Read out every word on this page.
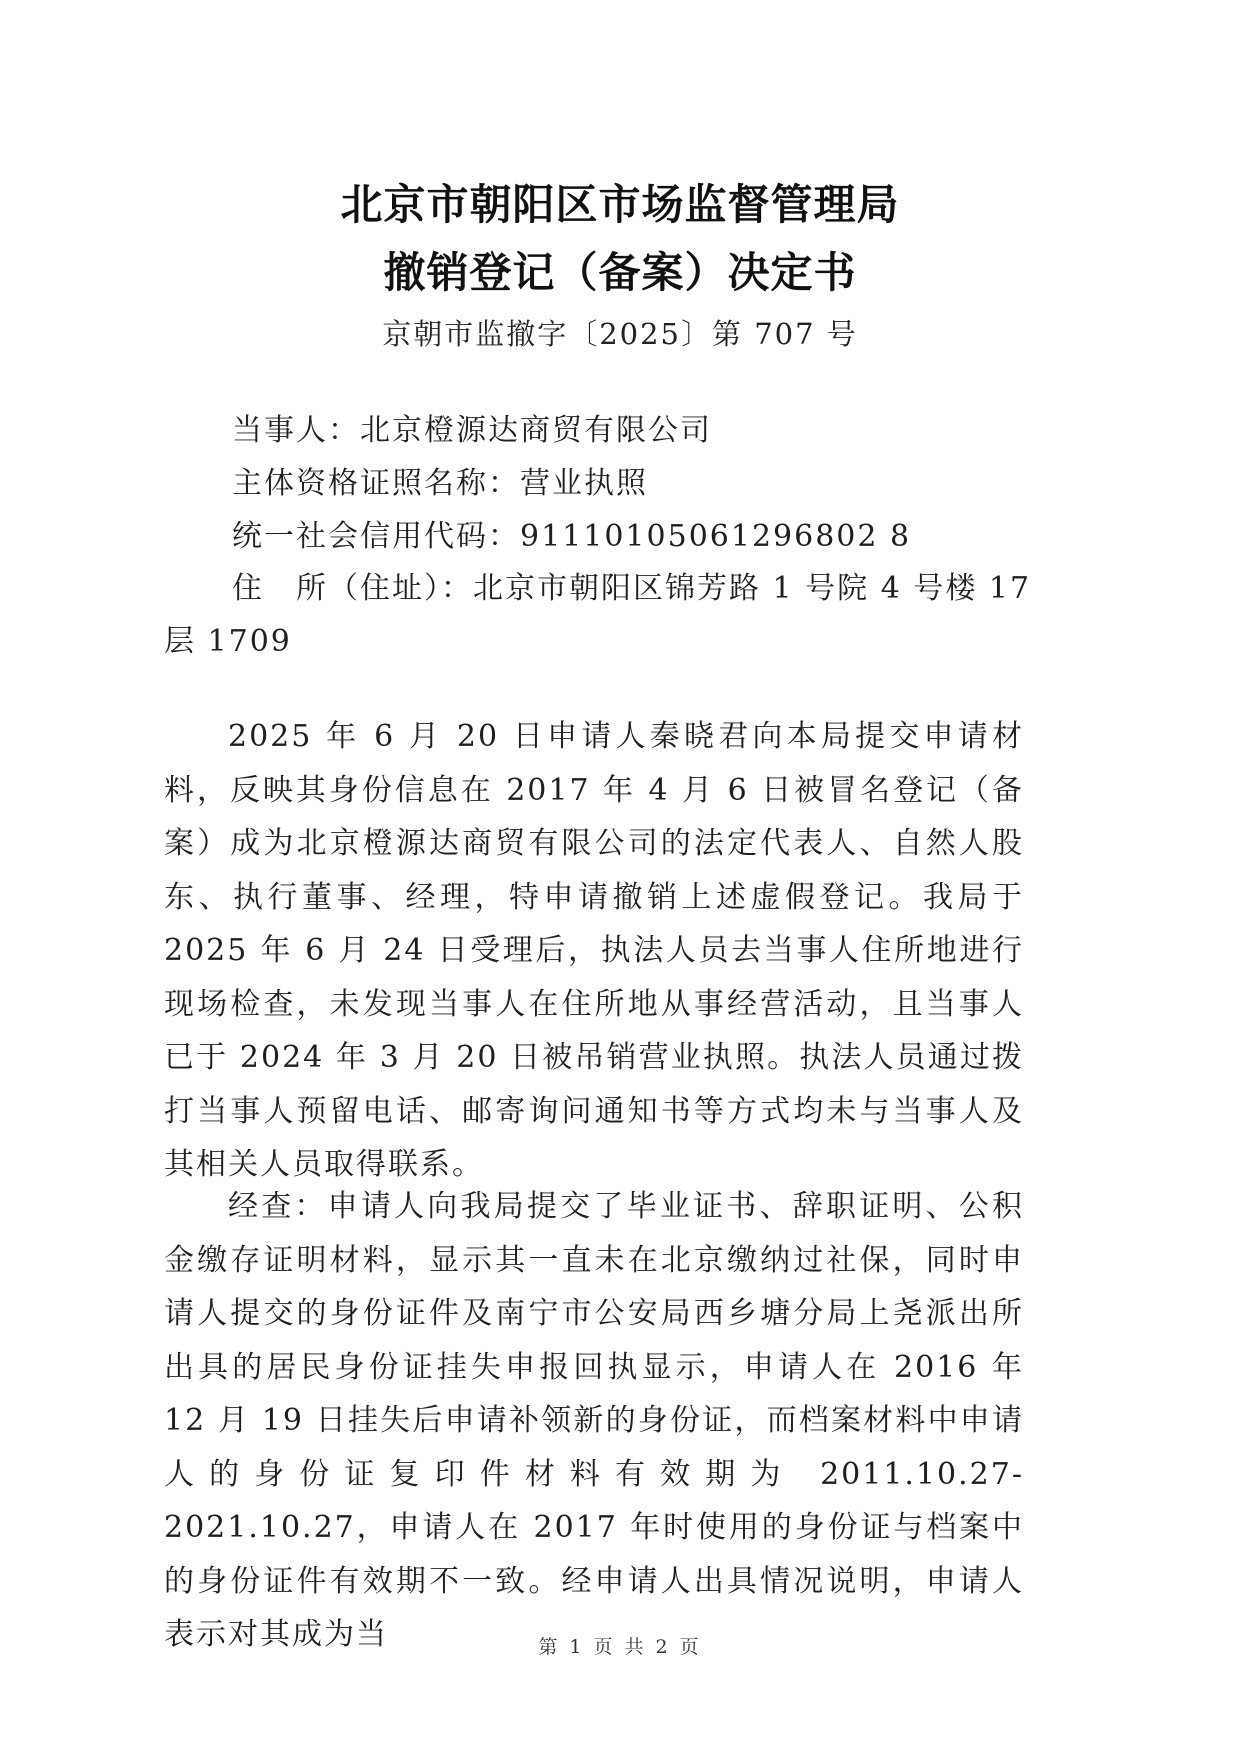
北京市朝阳区市场监督管理局
撤销登记（备案）决定书
京朝市监撤字〔2025〕第 707 号
当事人：北京橙源达商贸有限公司
主体资格证照名称：营业执照
统一社会信用代码：91110105061296802 8
住　所（住址）：北京市朝阳区锦芳路 1 号院 4 号楼 17
层 1709

2025 年 6 月 20 日申请人秦晓君向本局提交申请材料，反映其身份信息在 2017 年 4 月 6 日被冒名登记（备案）成为北京橙源达商贸有限公司的法定代表人、自然人股东、执行董事、经理，特申请撤销上述虚假登记。我局于 2025 年 6 月 24 日受理后，执法人员去当事人住所地进行现场检查，未发现当事人在住所地从事经营活动，且当事人已于 2024 年 3 月 20 日被吊销营业执照。执法人员通过拨打当事人预留电话、邮寄询问通知书等方式均未与当事人及其相关人员取得联系。

经查：申请人向我局提交了毕业证书、辞职证明、公积金缴存证明材料，显示其一直未在北京缴纳过社保，同时申请人提交的身份证件及南宁市公安局西乡塘分局上尧派出所出具的居民身份证挂失申报回执显示，申请人在 2016 年 12 月 19 日挂失后申请补领新的身份证，而档案材料中申请人的身份证复印件材料有效期为 2011.10.27-2021.10.27，申请人在 2017 年时使用的身份证与档案中的身份证件有效期不一致。经申请人出具情况说明，申请人表示对其成为当	第 1 页 共 2 页
